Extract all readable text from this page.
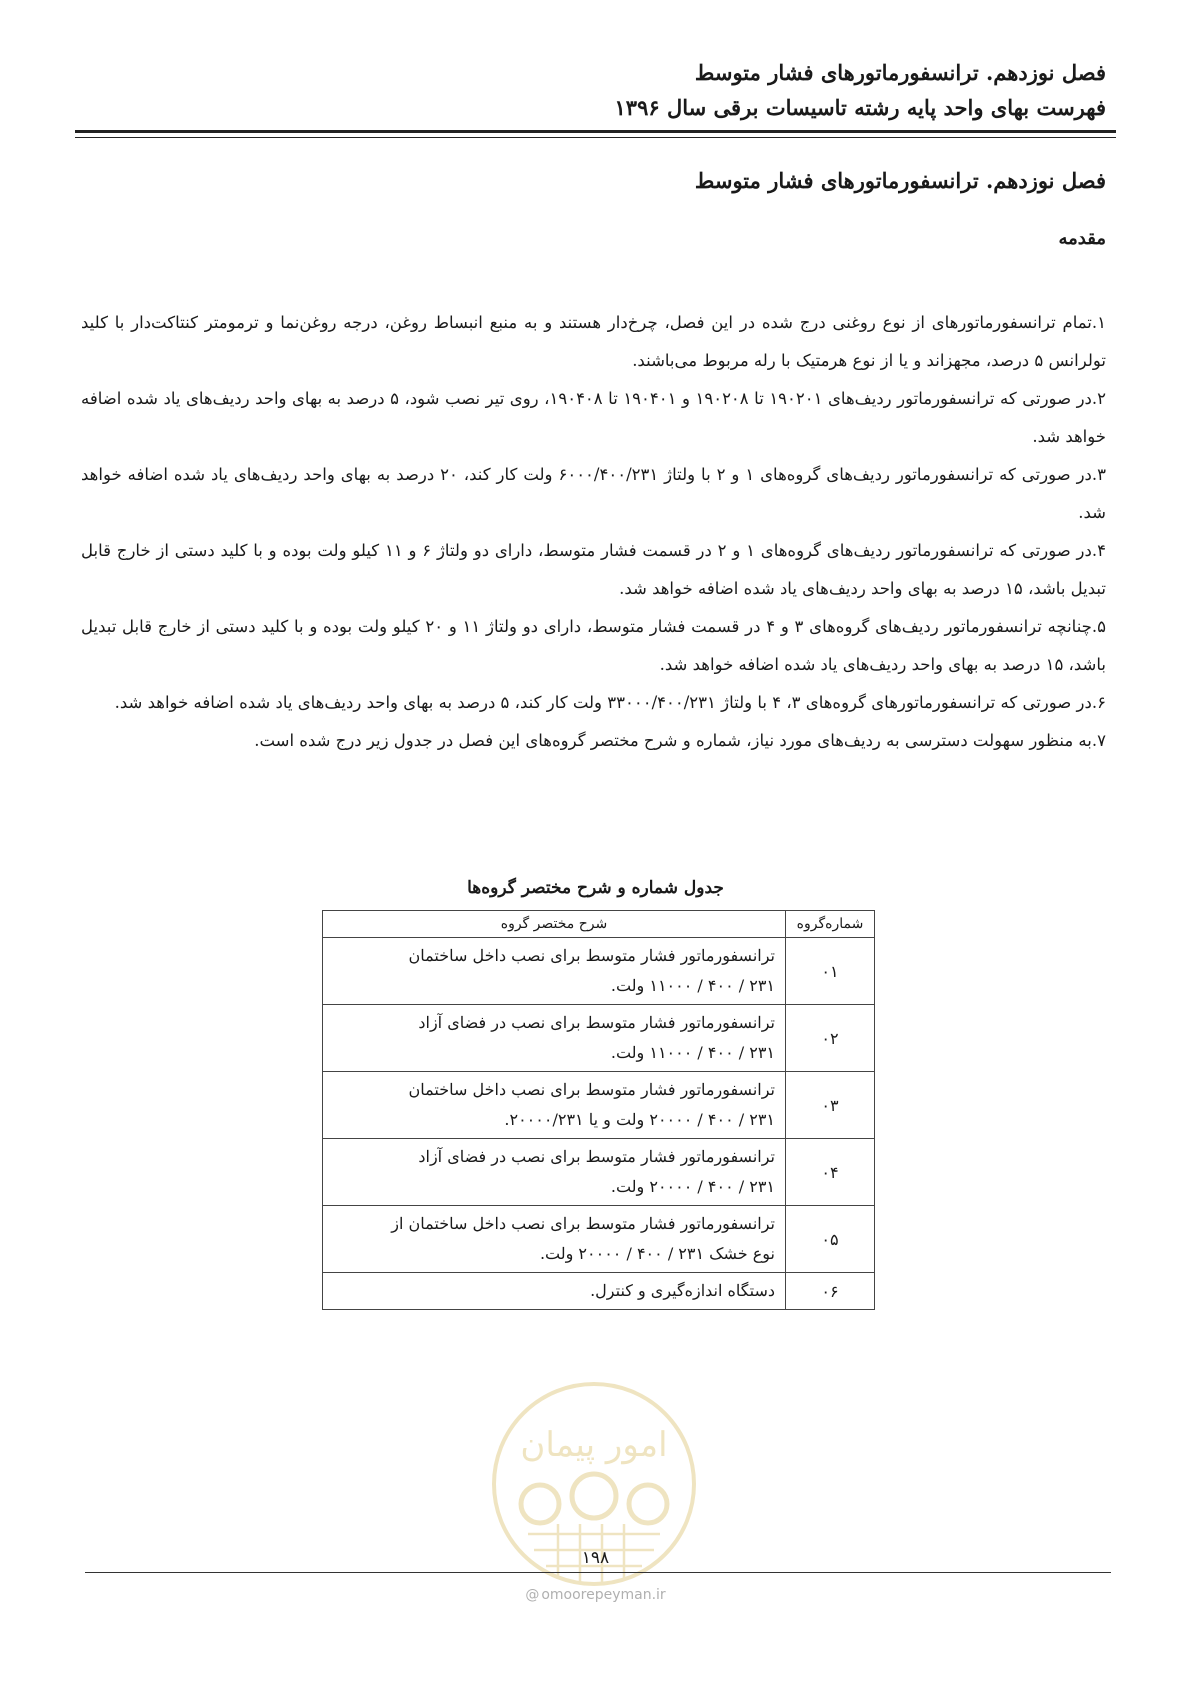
فصل نوزدهم. ترانسفورماتورهای فشار متوسط
فهرست بهای واحد پایه رشته تاسیسات برقی سال ۱۳۹۶
فصل نوزدهم. ترانسفورماتورهای فشار متوسط
مقدمه

۱.تمام ترانسفورماتورهای از نوع روغنی درج شده در این فصل، چرخ‌دار هستند و به منبع انبساط روغن، درجه روغن‌نما و ترمومتر کنتاکت‌دار با کلید تولرانس ۵ درصد، مجهزاند و یا از نوع هرمتیک با رله مربوط می‌باشند.

۲.در صورتی که ترانسفورماتور ردیف‌های ۱۹۰۲۰۱ تا ۱۹۰۲۰۸ و ۱۹۰۴۰۱ تا ۱۹۰۴۰۸، روی تیر نصب شود، ۵ درصد به بهای واحد ردیف‌های یاد شده اضافه خواهد شد.

۳.در صورتی که ترانسفورماتور ردیف‌های گروه‌های ۱ و ۲ با ولتاژ ۶۰۰۰/۴۰۰/۲۳۱ ولت کار کند، ۲۰ درصد به بهای واحد ردیف‌های یاد شده اضافه خواهد شد.

۴.در صورتی که ترانسفورماتور ردیف‌های گروه‌های ۱ و ۲ در قسمت فشار متوسط، دارای دو ولتاژ ۶ و ۱۱ کیلو ولت بوده و با کلید دستی از خارج قابل تبدیل باشد، ۱۵ درصد به بهای واحد ردیف‌های یاد شده اضافه خواهد شد.

۵.چنانچه ترانسفورماتور ردیف‌های گروه‌های ۳ و ۴ در قسمت فشار متوسط، دارای دو ولتاژ ۱۱ و ۲۰ کیلو ولت بوده و با کلید دستی از خارج قابل تبدیل باشد، ۱۵ درصد به بهای واحد ردیف‌های یاد شده اضافه خواهد شد.

۶.در صورتی که ترانسفورماتورهای گروه‌های ۳، ۴ با ولتاژ ۳۳۰۰۰/۴۰۰/۲۳۱ ولت کار کند، ۵ درصد به بهای واحد ردیف‌های یاد شده اضافه خواهد شد.

۷.به منظور سهولت دسترسی به ردیف‌های مورد نیاز، شماره و شرح مختصر گروه‌های این فصل در جدول زیر درج شده است.

جدول شماره و شرح مختصر گروه‌ها
شماره‌گروه	شرح مختصر گروه
۰۱	ترانسفورماتور فشار متوسط برای نصب داخل ساختمان
۲۳۱ / ۴۰۰ / ۱۱۰۰۰ ولت.

۰۲	ترانسفورماتور فشار متوسط برای نصب در فضای آزاد
۲۳۱ / ۴۰۰ / ۱۱۰۰۰ ولت.

۰۳	ترانسفورماتور فشار متوسط برای نصب داخل ساختمان
۲۳۱ / ۴۰۰ / ۲۰۰۰۰ ولت و یا ۲۰۰۰۰/۲۳۱.

۰۴	ترانسفورماتور فشار متوسط برای نصب در فضای آزاد
۲۳۱ / ۴۰۰ / ۲۰۰۰۰ ولت.

۰۵	ترانسفورماتور فشار متوسط برای نصب داخل ساختمان از
نوع خشک ۲۳۱ / ۴۰۰ / ۲۰۰۰۰ ولت.

۰۶	دستگاه اندازه‌گیری و کنترل.
امور پیمان
۱۹۸
@ omoorepeyman.ir
